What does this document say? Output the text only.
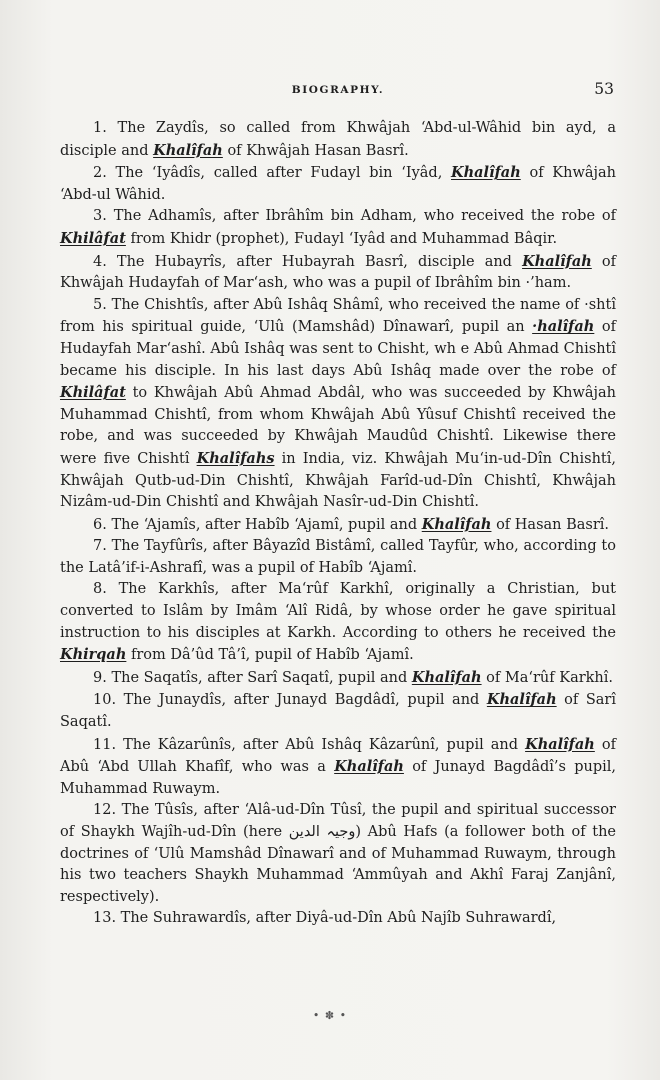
BIOGRAPHY.	53

1. The Zaydîs, so called from Khwâjah ‘Abd-ul-Wâhid bin ayd, a disciple and Khalîfah of Khwâjah Hasan Basrî.

2. The ‘Iyâdîs, called after Fudayl bin ‘Iyâd, Khalîfah of Khwâjah ‘Abd-ul Wâhid.

3. The Adhamîs, after Ibrâhîm bin Adham, who received the robe of Khilâfat from Khidr (prophet), Fudayl ‘Iyâd and Muhammad Bâqir.

4. The Hubayrîs, after Hubayrah Basrî, disciple and Khalîfah of Khwâjah Hudayfah of Mar‘ash, who was a pupil of Ibrâhîm bin ·’ham.

5. The Chishtîs, after Abû Ishâq Shâmî, who received the name of ·shtî from his spiritual guide, ‘Ulû (Mamshâd) Dînawarî, pupil an ·halîfah of Hudayfah Mar‘ashî. Abû Ishâq was sent to Chisht, wh e Abû Ahmad Chishtî became his disciple. In his last days Abû Ishâq made over the robe of Khilâfat to Khwâjah Abû Ahmad Abdâl, who was succeeded by Khwâjah Muhammad Chishtî, from whom Khwâjah Abû Yûsuf Chishtî received the robe, and was succeeded by Khwâjah Maudûd Chishtî. Likewise there were five Chishtî Khalîfahs in India, viz. Khwâjah Mu‘in-ud-Dîn Chishtî, Khwâjah Qutb-ud-Din Chishtî, Khwâjah Farîd-ud-Dîn Chishtî, Khwâjah Nizâm-ud-Din Chishtî and Khwâjah Nasîr-ud-Din Chishtî.

6. The ‘Ajamîs, after Habîb ‘Ajamî, pupil and Khalîfah of Hasan Basrî.

7. The Tayfûrîs, after Bâyazîd Bistâmî, called Tayfûr, who, according to the Latâ’if-i-Ashrafî, was a pupil of Habîb ‘Ajamî.

8. The Karkhîs, after Ma‘rûf Karkhî, originally a Christian, but converted to Islâm by Imâm ‘Alî Ridâ, by whose order he gave spiritual instruction to his disciples at Karkh. According to others he received the Khirqah from Dâ’ûd Tâ’î, pupil of Habîb ‘Ajamî.

9. The Saqatîs, after Sarî Saqatî, pupil and Khalîfah of Ma‘rûf Karkhî.

10. The Junaydîs, after Junayd Bagdâdî, pupil and Khalîfah of Sarî Saqatî.

11. The Kâzarûnîs, after Abû Ishâq Kâzarûnî, pupil and Khalîfah of Abû ‘Abd Ullah Khafîf, who was a Khalîfah of Junayd Bagdâdî’s pupil, Muhammad Ruwaym.

12. The Tûsîs, after ‘Alâ-ud-Dîn Tûsî, the pupil and spiritual successor of Shaykh Wajîh-ud-Dîn (here وجیہ الدین) Abû Hafs (a follower both of the doctrines of ‘Ulû Mamshâd Dînawarî and of Muhammad Ruwaym, through his two teachers Shaykh Muhammad ‘Ammûyah and Akhî Faraj Zanjânî, respectively).

13. The Suhrawardîs, after Diyâ-ud-Dîn Abû Najîb Suhrawardî,

• ✽ •
